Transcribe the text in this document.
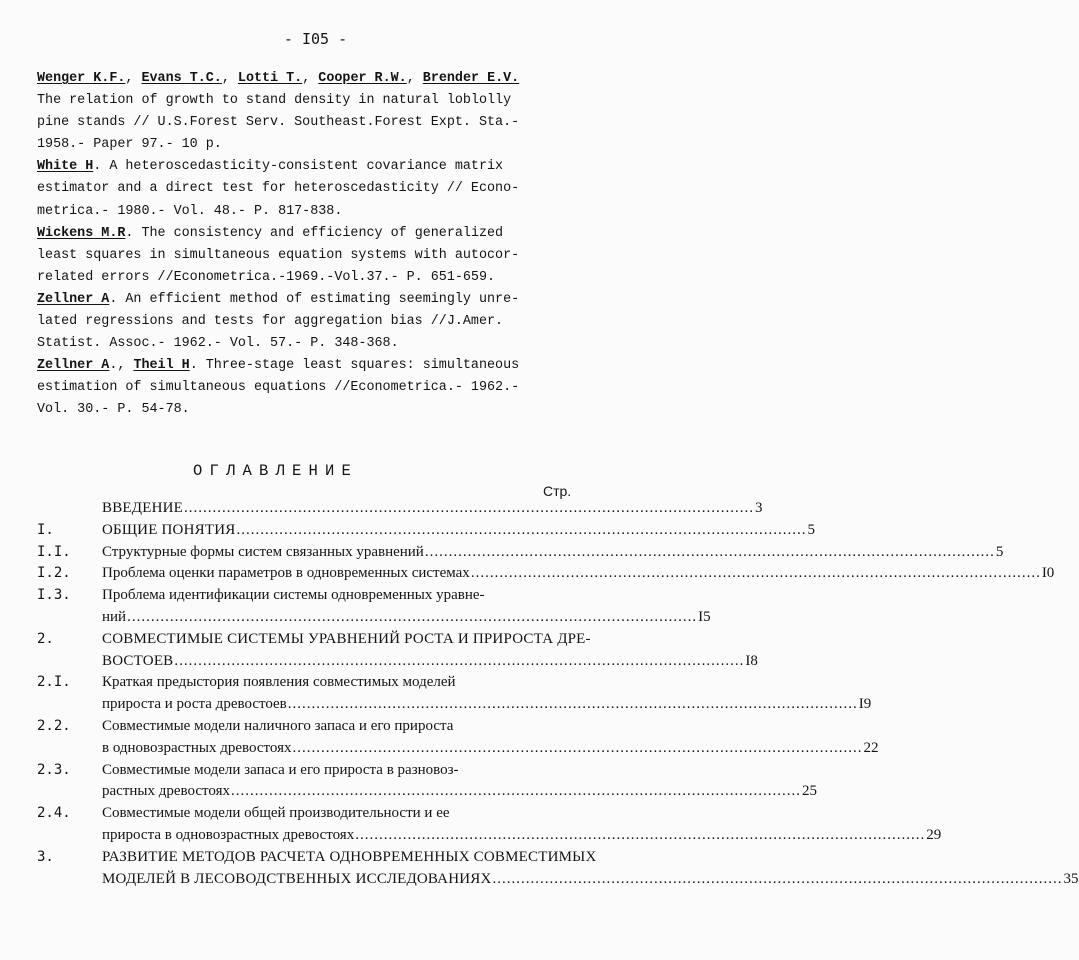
- I05 -
Wenger K.F., Evans T.C., Lotti T., Cooper R.W., Brender E.V.
The relation of growth to stand density in natural loblolly
pine stands // U.S.Forest Serv. Southeast.Forest Expt. Sta.-
1958.- Paper 97.- 10 p.
White H. A heteroscedasticity-consistent covariance matrix
estimator and a direct test for heteroscedasticity // Econo-
metrica.- 1980.- Vol. 48.- P. 817-838.
Wickens M.R. The consistency and efficiency of generalized
least squares in simultaneous equation systems with autocor-
related errors //Econometrica.-1969.-Vol.37.- P. 651-659.
Zellner A. An efficient method of estimating seemingly unre-
lated regressions and tests for aggregation bias //J.Amer.
Statist. Assoc.- 1962.- Vol. 57.- P. 348-368.
Zellner A., Theil H. Three-stage least squares: simultaneous
estimation of simultaneous equations //Econometrica.- 1962.-
Vol. 30.- P. 54-78.
ОГЛАВЛЕНИЕ
Стр.
ВВЕДЕНИЕ ........................................................................................................................ 3
I.	ОБЩИЕ ПОНЯТИЯ ........................................................................................................................ 5
I.I. Структурные формы систем связанных уравнений ........................................................................................................................ 5
I.2. Проблема оценки параметров в одновременных системах ........................................................................................................................ I0
I.3. Проблема идентификации системы одновременных уравне-
ний ........................................................................................................................ I5
2.	СОВМЕСТИМЫЕ СИСТЕМЫ УРАВНЕНИЙ РОСТА И ПРИРОСТА ДРЕ-
ВОСТОЕВ ........................................................................................................................ I8
2.I. Краткая предыстория появления совместимых моделей
прироста и роста древостоев ........................................................................................................................ I9
2.2. Совместимые модели наличного запаса и его прироста
в одновозрастных древостоях ........................................................................................................................ 22
2.3. Совместимые модели запаса и его прироста в разновоз-
растных древостоях ........................................................................................................................ 25
2.4. Совместимые модели общей производительности и ее
прироста в одновозрастных древостоях ........................................................................................................................ 29
3.	РАЗВИТИЕ МЕТОДОВ РАСЧЕТА ОДНОВРЕМЕННЫХ СОВМЕСТИМЫХ
МОДЕЛЕЙ В ЛЕСОВОДСТВЕННЫХ ИССЛЕДОВАНИЯХ ........................................................................................................................ 35
